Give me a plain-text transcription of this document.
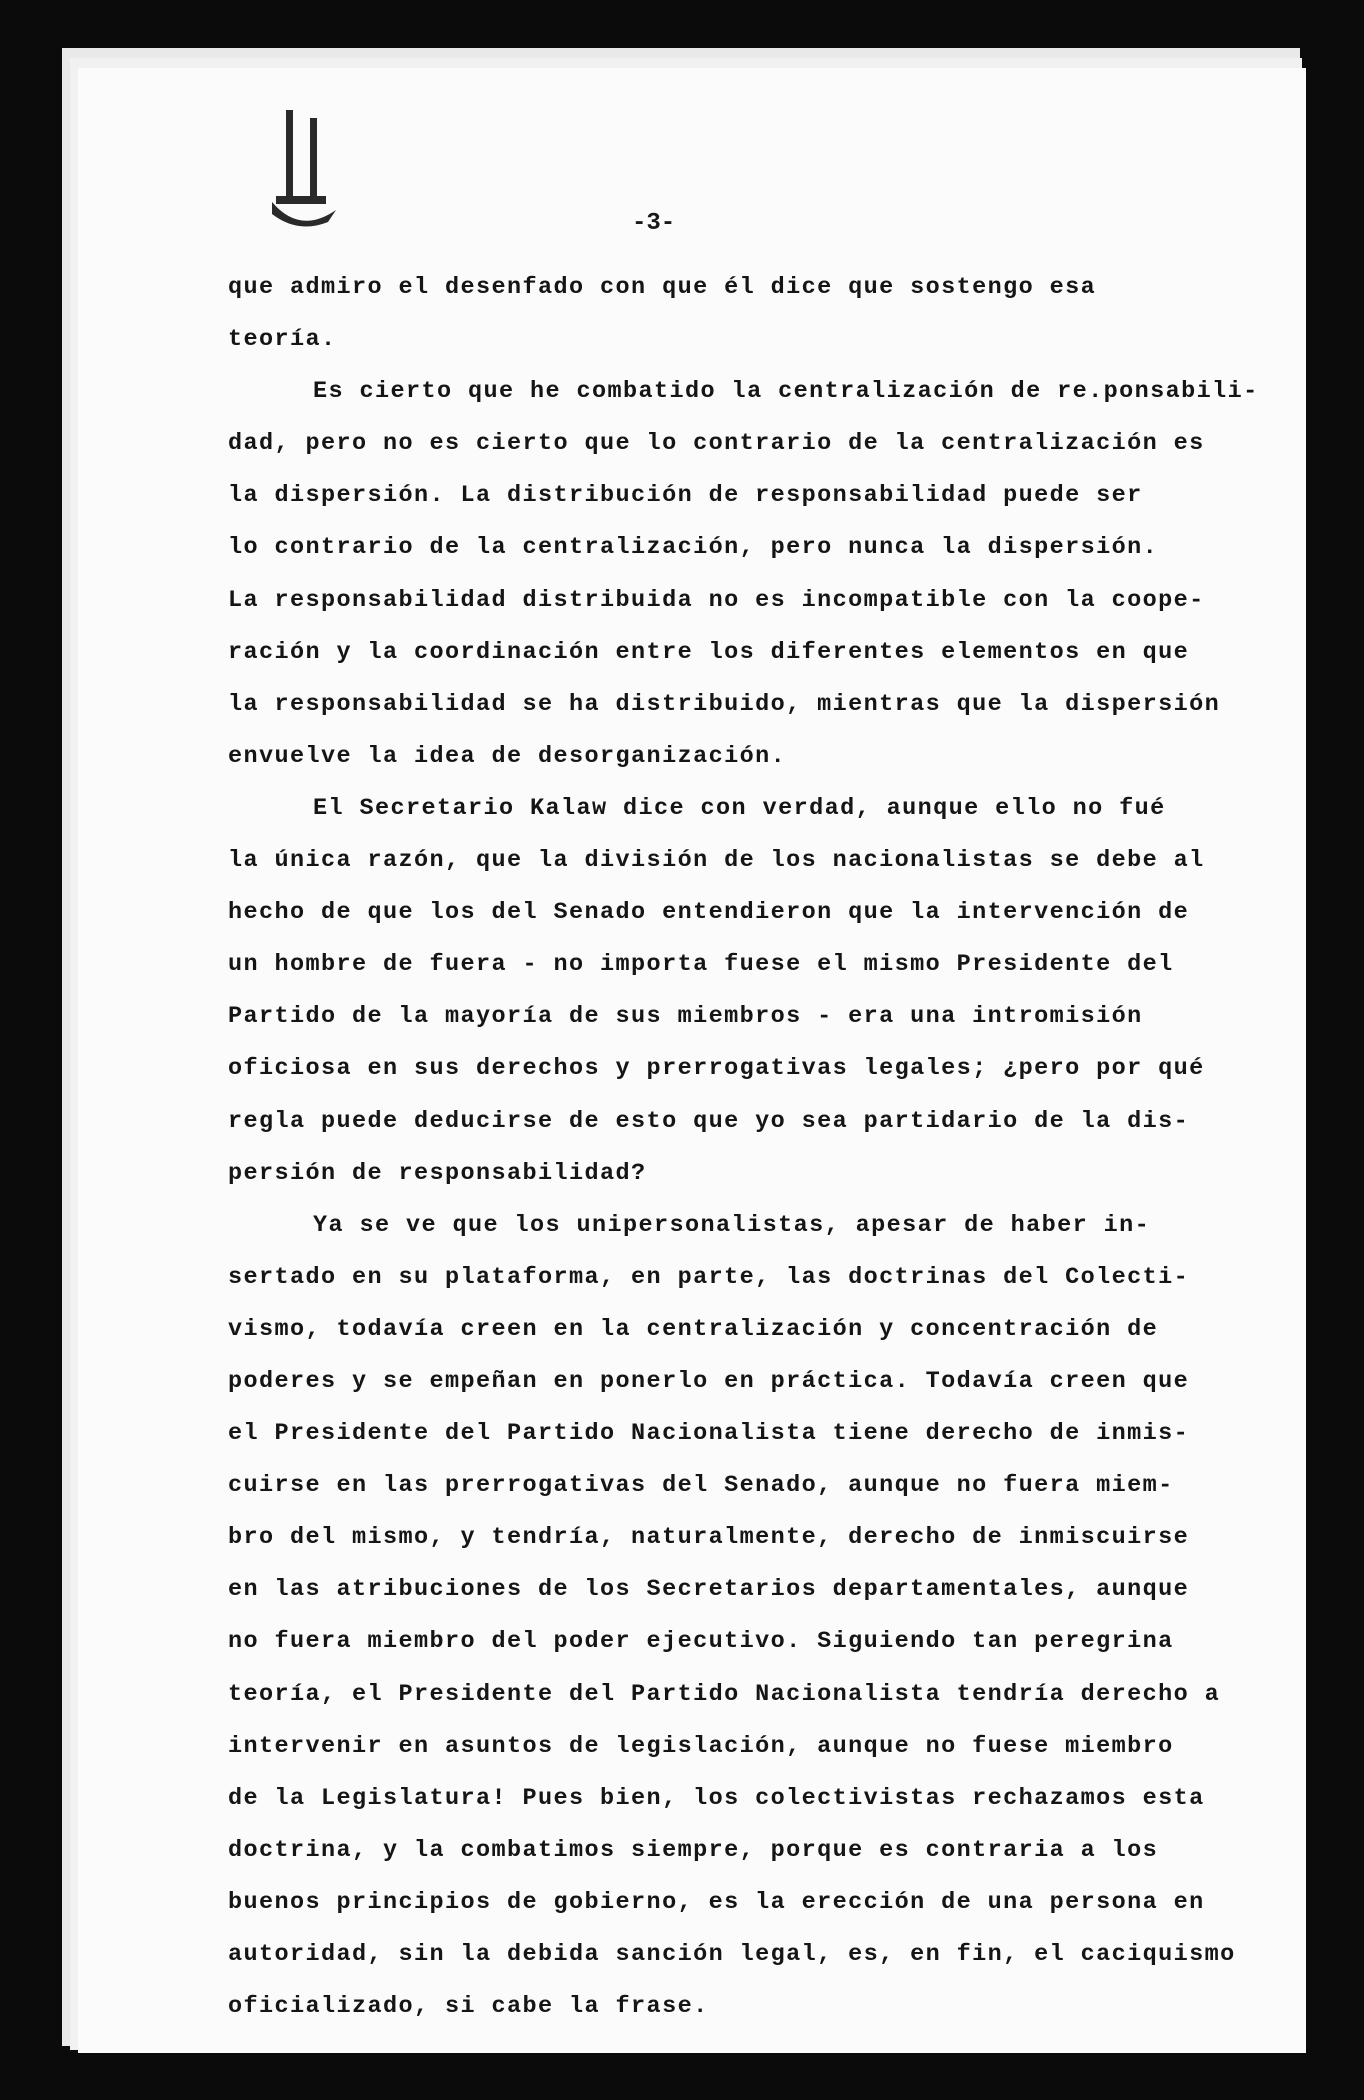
-3-
que admiro el desenfado con que él dice que sostengo esa
teoría.
Es cierto que he combatido la centralización de re.ponsabili-
dad, pero no es cierto que lo contrario de la centralización es
la dispersión. La distribución de responsabilidad puede ser
lo contrario de la centralización, pero nunca la dispersión.
La responsabilidad distribuida no es incompatible con la coope-
ración y la coordinación entre los diferentes elementos en que
la responsabilidad se ha distribuido, mientras que la dispersión
envuelve la idea de desorganización.
El Secretario Kalaw dice con verdad, aunque ello no fué
la única razón, que la división de los nacionalistas se debe al
hecho de que los del Senado entendieron que la intervención de
un hombre de fuera - no importa fuese el mismo Presidente del
Partido de la mayoría de sus miembros - era una intromisión
oficiosa en sus derechos y prerrogativas legales; ¿pero por qué
regla puede deducirse de esto que yo sea partidario de la dis-
persión de responsabilidad?
Ya se ve que los unipersonalistas, apesar de haber in-
sertado en su plataforma, en parte, las doctrinas del Colecti-
vismo, todavía creen en la centralización y concentración de
poderes y se empeñan en ponerlo en práctica. Todavía creen que
el Presidente del Partido Nacionalista tiene derecho de inmis-
cuirse en las prerrogativas del Senado, aunque no fuera miem-
bro del mismo, y tendría, naturalmente, derecho de inmiscuirse
en las atribuciones de los Secretarios departamentales, aunque
no fuera miembro del poder ejecutivo. Siguiendo tan peregrina
teoría, el Presidente del Partido Nacionalista tendría derecho a
intervenir en asuntos de legislación, aunque no fuese miembro
de la Legislatura! Pues bien, los colectivistas rechazamos esta
doctrina, y la combatimos siempre, porque es contraria a los
buenos principios de gobierno, es la erección de una persona en
autoridad, sin la debida sanción legal, es, en fin, el caciquismo
oficializado, si cabe la frase.
